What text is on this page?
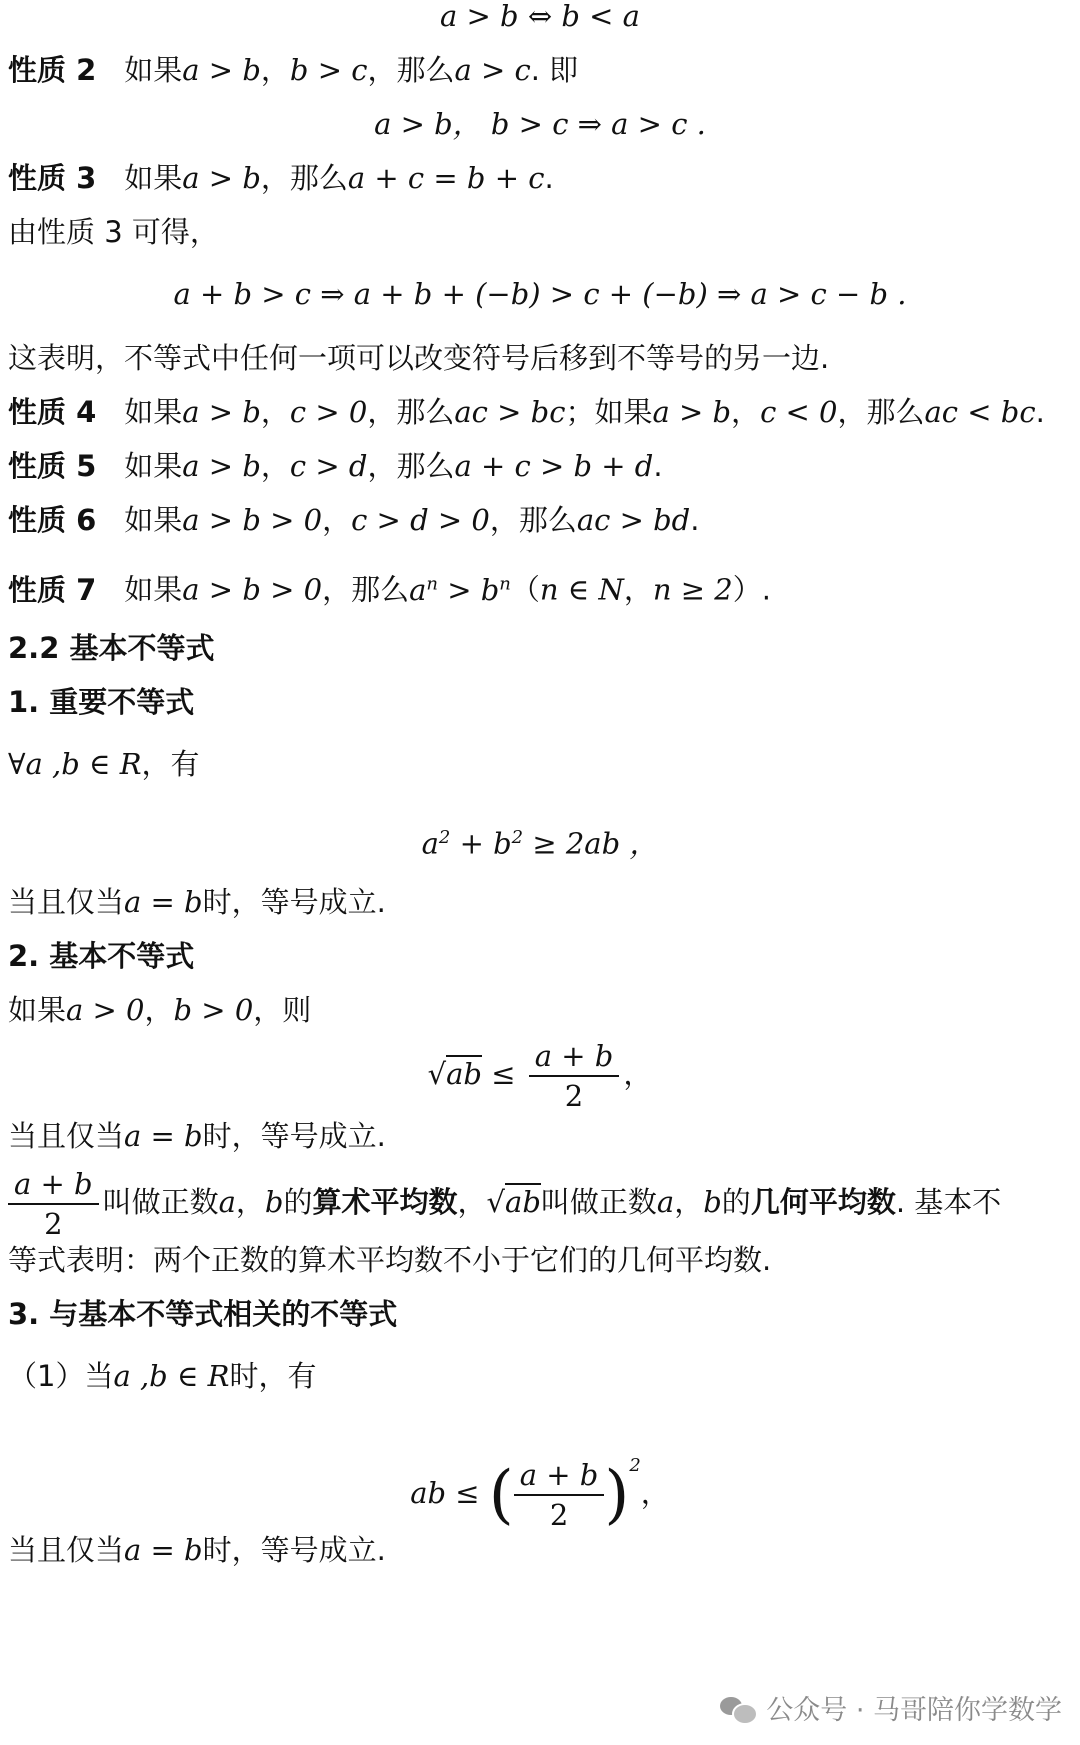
a > b ⇔ b < a
性质 2 如果a > b，b > c，那么a > c. 即
a > b， b > c ⇒ a > c .
性质 3 如果a > b，那么a + c = b + c.
由性质 3 可得，
a + b > c ⇒ a + b + (−b) > c + (−b) ⇒ a > c − b .
这表明，不等式中任何一项可以改变符号后移到不等号的另一边.
性质 4 如果a > b，c > 0，那么ac > bc；如果a > b，c < 0，那么ac < bc.
性质 5 如果a > b，c > d，那么a + c > b + d.
性质 6 如果a > b > 0，c > d > 0，那么ac > bd.
性质 7 如果a > b > 0，那么$a^n > b^n(n$ ∈ N，n ≥ 2）.
2.2 基本不等式
1. 重要不等式
∀a ,b ∈ R，有
$a^2 + b^2 \ge 2ab$ ，
当且仅当a = b时，等号成立.
2. 基本不等式
如果a > 0，b > 0，则
$√ab \le \frac{a + b}{2}$ ，
当且仅当a = b时，等号成立.
$\frac{a + b}{2}$ 叫做正数a，b的算术平均数，√ab叫做正数a，b的几何平均数. 基本不
等式表明：两个正数的算术平均数不小于它们的几何平均数.
3. 与基本不等式相关的不等式
（1）当a ,b ∈ R时，有
ab ≤ ( $\frac{a + b}{2} )^2$，
当且仅当a = b时，等号成立.
公众号 · 马哥陪你学数学
